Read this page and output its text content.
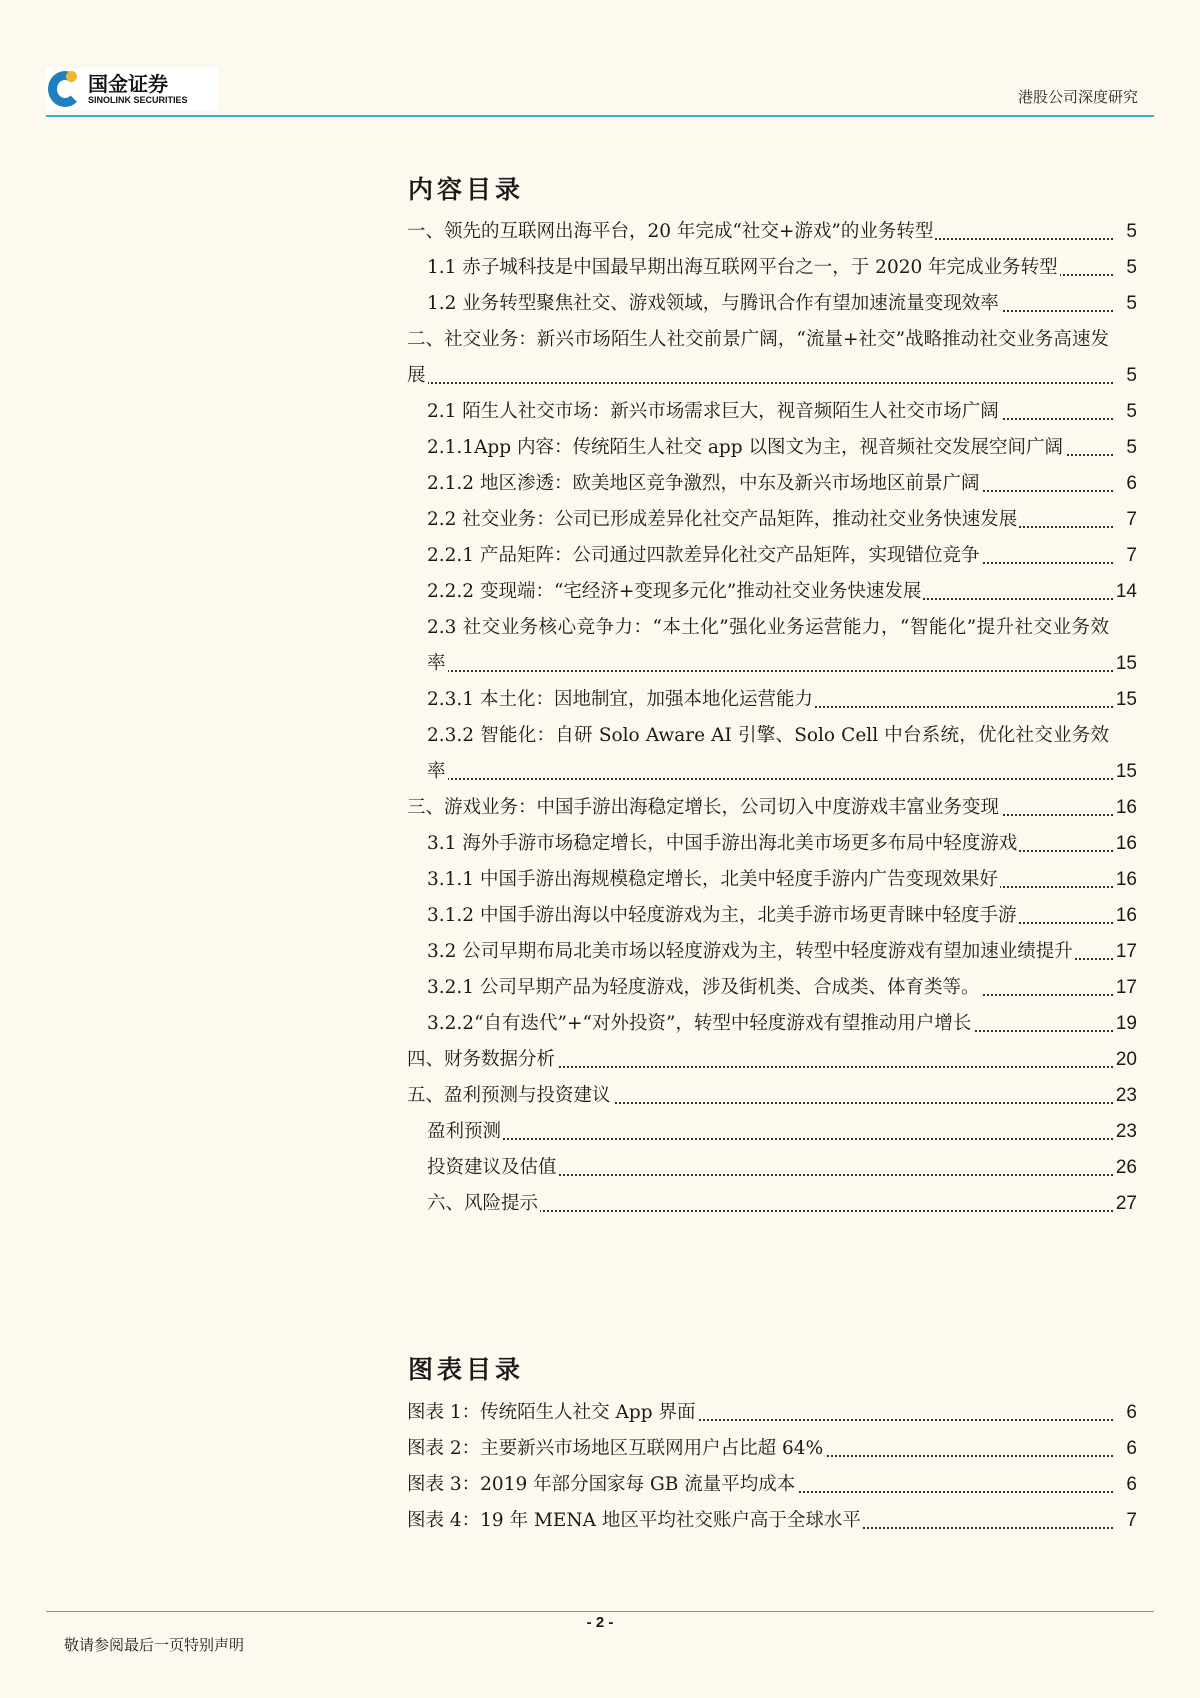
国金证券
SINOLINK SECURITIES	港股公司深度研究
内容目录
一、领先的互联网出海平台，20 年完成“社交+游戏”的业务转型	5
1.1 赤子城科技是中国最早期出海互联网平台之一，于 2020 年完成业务转型	5
1.2 业务转型聚焦社交、游戏领域，与腾讯合作有望加速流量变现效率	5
二、社交业务：新兴市场陌生人社交前景广阔，“流量+社交”战略推动社交业务高速发展	5
2.1 陌生人社交市场：新兴市场需求巨大，视音频陌生人社交市场广阔	5
2.1.1App 内容：传统陌生人社交 app 以图文为主，视音频社交发展空间广阔	5
2.1.2 地区渗透：欧美地区竞争激烈，中东及新兴市场地区前景广阔	6
2.2 社交业务：公司已形成差异化社交产品矩阵，推动社交业务快速发展	7
2.2.1 产品矩阵：公司通过四款差异化社交产品矩阵，实现错位竞争	7
2.2.2 变现端：“宅经济+变现多元化”推动社交业务快速发展	14
2.3 社交业务核心竞争力：“本土化”强化业务运营能力，“智能化”提升社交业务效率	15
2.3.1 本土化：因地制宜，加强本地化运营能力	15
2.3.2 智能化：自研 Solo Aware AI 引擎、Solo Cell 中台系统，优化社交业务效率	15
三、游戏业务：中国手游出海稳定增长，公司切入中度游戏丰富业务变现	16
3.1 海外手游市场稳定增长，中国手游出海北美市场更多布局中轻度游戏	16
3.1.1 中国手游出海规模稳定增长，北美中轻度手游内广告变现效果好	16
3.1.2 中国手游出海以中轻度游戏为主，北美手游市场更青睐中轻度手游	16
3.2 公司早期布局北美市场以轻度游戏为主，转型中轻度游戏有望加速业绩提升 17
3.2.1 公司早期产品为轻度游戏，涉及街机类、合成类、体育类等。	17
3.2.2“自有迭代”+“对外投资”，转型中轻度游戏有望推动用户增长	19
四、财务数据分析	20
五、盈利预测与投资建议	23
盈利预测	23
投资建议及估值	26
六、风险提示	27
图表目录
图表 1：传统陌生人社交 App 界面	6
图表 2：主要新兴市场地区互联网用户占比超 64%	6
图表 3：2019 年部分国家每 GB 流量平均成本	6
图表 4：19 年 MENA 地区平均社交账户高于全球水平	7
- 2 -
敬请参阅最后一页特别声明
